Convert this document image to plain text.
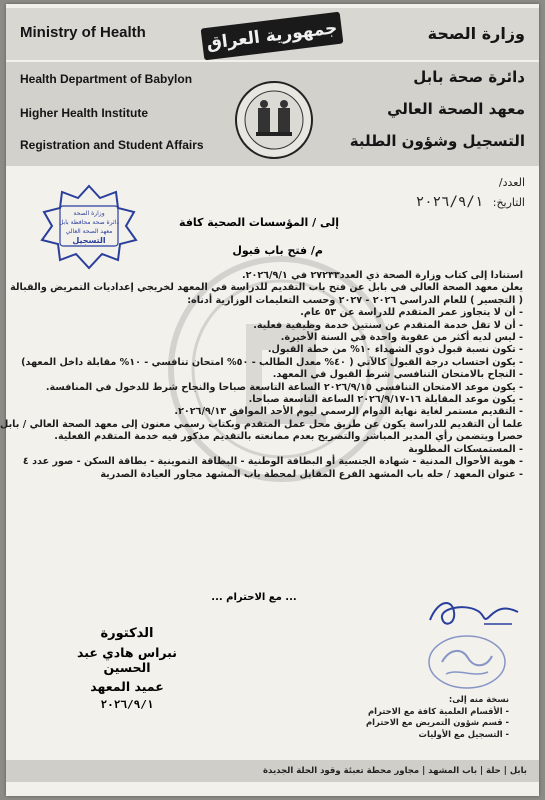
Ministry of Health	وزارة الصحة
جمهورية العراق
Health Department of Babylon
Higher Health Institute
Registration and Student Affairs
دائرة صحة بابل
معهد الصحة العالي
التسجيل وشؤون الطلبة
العدد/
التاريخ: ٢٠٢٦/٩/١
وزارة الصحة
دائرة صحة محافظة بابل
معهد الصحة العالي
التسجيل
إلى / المؤسسات الصحية كافة
م/ فتح باب قبول

استنادا إلى كتاب وزارة الصحة ذي العدد٢٧٢٣٣ في ٢٠٢٦/٩/١.

يعلن معهد الصحة العالي في بابل عن فتح باب التقديم للدراسة في المعهد لخريجي إعداديات التمريض والقبالة

( التجسير ) للعام الدراسي ٢٠٢٦ - ٢٠٢٧ وحسب التعليمات الوزارية أدناه:

- أن لا يتجاوز عمر المتقدم للدراسة عن ٥٣ عام.

- أن لا تقل خدمة المتقدم عن سنتين خدمة وظيفية فعلية.

- ليس لديه أكثر من عقوبة واحدة في السنة الأخيرة.

- تكون نسبة قبول ذوي الشهداء ١٠% من خطة القبول.

- يكون احتساب درجة القبول كالآتي ( ٤٠% معدل الطالب - ٥٠% امتحان تنافسي - ١٠% مقابلة داخل المعهد)

- النجاح بالامتحان التنافسي شرط القبول في المعهد.

- يكون موعد الامتحان التنافسي ٢٠٢٦/٩/١٥ الساعة التاسعة صباحا والنجاح شرط للدخول في المنافسة.

- يكون موعد المقابلة ١٦-٢٠٢٦/٩/١٧ الساعة التاسعة صباحا.

- التقديم مستمر لغاية نهاية الدوام الرسمي ليوم الأحد الموافق ٢٠٢٦/٩/١٣.

علما أن التقديم للدراسة يكون عن طريق محل عمل المتقدم وبكتاب رسمي معنون إلى معهد الصحة العالي / بابل

حصرا ويتضمن رأي المدير المباشر والتصريح بعدم ممانعته بالتقديم مذكور فيه خدمة المتقدم الفعلية.

- المستمسكات المطلوبة

- هوية الأحوال المدنية - شهادة الجنسية أو البطاقة الوطنية - البطاقة التموينية - بطاقة السكن - صور عدد ٤

- عنوان المعهد / حله باب المشهد الفرع المقابل لمحطة باب المشهد مجاور العيادة الصدرية

... مع الاحترام ...
الدكتورة
نبراس هادي عبد الحسين
عميد المعهد
٢٠٢٦/٩/١	نسخة منه إلى:

- الأقسام العلمية كافة مع الاحترام

- قسم شؤون التمريض مع الاحترام

- التسجيل مع الأوليات

بابل | حلة | باب المشهد | مجاور محطة تعبئة وقود الحلة الجديدة
